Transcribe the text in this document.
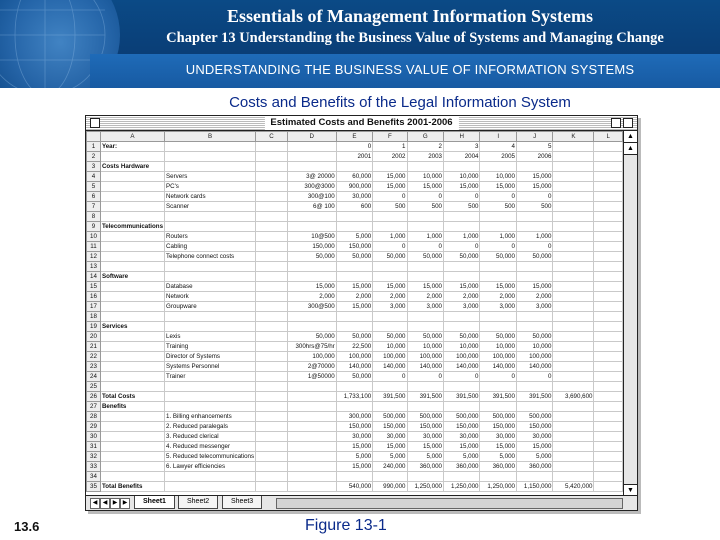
Essentials of Management Information Systems
Chapter 13 Understanding the Business Value of Systems and Managing Change
UNDERSTANDING THE BUSINESS VALUE OF INFORMATION SYSTEMS
Costs and Benefits of the Legal Information System
Estimated Costs and Benefits 2001-2006
	A	B	C	D	E	F	G	H	I	J	K	L
1	Year:				0	1	2	3	4	5		
2					2001	2002	2003	2004	2005	2006		
3	Costs Hardware											
4		Servers		3@ 20000	60,000	15,000	10,000	10,000	10,000	15,000		
5		PC's		300@3000	900,000	15,000	15,000	15,000	15,000	15,000		
6		Network cards		300@100	30,000	0	0	0	0	0		
7		Scanner		6@ 100	600	500	500	500	500	500		
8												
9	Telecommunications											
10		Routers		10@500	5,000	1,000	1,000	1,000	1,000	1,000		
11		Cabling		150,000	150,000	0	0	0	0	0		
12		Telephone connect costs		50,000	50,000	50,000	50,000	50,000	50,000	50,000		
13												
14	Software											
15		Database		15,000	15,000	15,000	15,000	15,000	15,000	15,000		
16		Network		2,000	2,000	2,000	2,000	2,000	2,000	2,000		
17		Groupware		300@500	15,000	3,000	3,000	3,000	3,000	3,000		
18												
19	Services											
20		Lexis		50,000	50,000	50,000	50,000	50,000	50,000	50,000		
21		Training		300hrs@75/hr	22,500	10,000	10,000	10,000	10,000	10,000		
22		Director of Systems		100,000	100,000	100,000	100,000	100,000	100,000	100,000		
23		Systems Personnel		2@70000	140,000	140,000	140,000	140,000	140,000	140,000		
24		Trainer		1@50000	50,000	0	0	0	0	0		
25												
26	Total Costs				1,733,100	391,500	391,500	391,500	391,500	391,500	3,690,600	
27	Benefits											
28		1. Billing enhancements			300,000	500,000	500,000	500,000	500,000	500,000		
29		2. Reduced paralegals			150,000	150,000	150,000	150,000	150,000	150,000		
30		3. Reduced clerical			30,000	30,000	30,000	30,000	30,000	30,000		
31		4. Reduced messenger			15,000	15,000	15,000	15,000	15,000	15,000		
32		5. Reduced telecommunications			5,000	5,000	5,000	5,000	5,000	5,000		
33		6. Lawyer efficiencies			15,000	240,000	360,000	360,000	360,000	360,000		
34												
35	Total Benefits				540,000	990,000	1,250,000	1,250,000	1,250,000	1,150,000	5,420,000	
▲
▲
▼
◀ ◀ ▶ ▶	Sheet1	Sheet2	Sheet3
13.6	Figure 13-1
